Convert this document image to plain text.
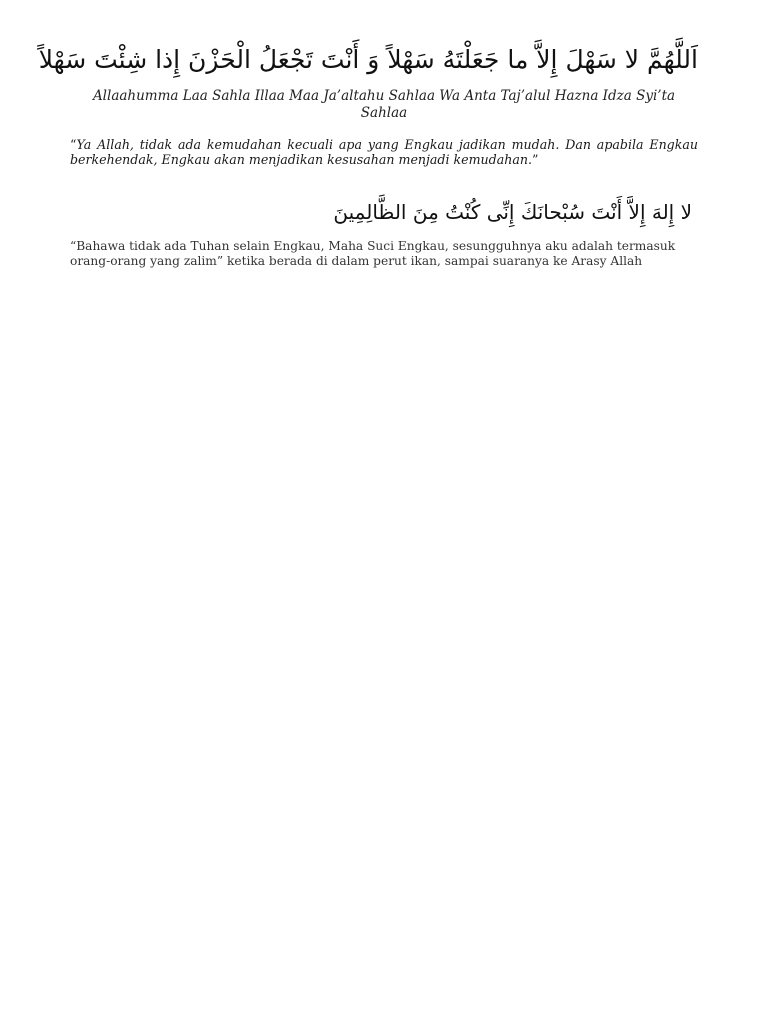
اَللَّهُمَّ لا سَهْلَ إِلاَّ ما جَعَلْتَهُ سَهْلاً وَ أَنْتَ تَجْعَلُ الْحَزْنَ إِذا شِئْتَ سَهْلاً
Allaahumma Laa Sahla Illaa Maa Ja’altahu Sahlaa Wa Anta Taj’alul Hazna Idza Syi’ta Sahlaa
“Ya Allah, tidak ada kemudahan kecuali apa yang Engkau jadikan mudah. Dan apabila Engkau berkehendak, Engkau akan menjadikan kesusahan menjadi kemudahan.”
لا إِلهَ إِلاَّ أَنْتَ سُبْحانَكَ إِنِّى كُنْتُ مِنَ الظَّالِمِينَ
“Bahawa tidak ada Tuhan selain Engkau, Maha Suci Engkau, sesungguhnya aku adalah termasuk orang-orang yang zalim” ketika berada di dalam perut ikan, sampai suaranya ke Arasy Allah
